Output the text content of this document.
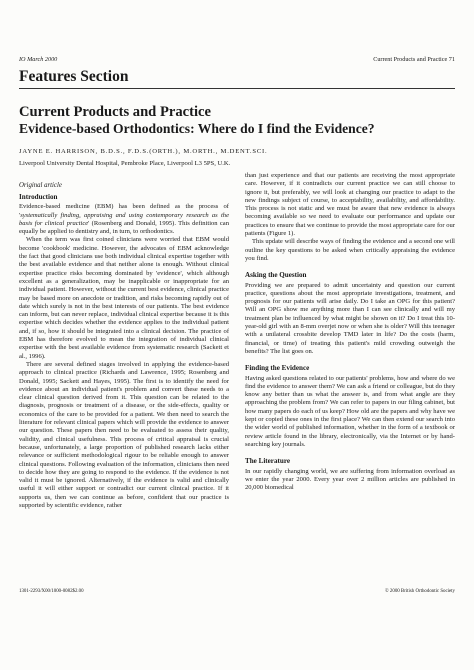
IO March 2000	Current Products and Practice 71
Features Section
Current Products and Practice
Evidence-based Orthodontics: Where do I find the Evidence?
JAYNE E. HARRISON, B.D.S., F.D.S.(ORTH.), M.ORTH., M.DENT.SCI.
Liverpool University Dental Hospital, Pembroke Place, Liverpool L3 5PS, U.K.
Original article
Introduction

Evidence-based medicine (EBM) has been defined as the process of 'systematically finding, appraising and using contemporary research as the basis for clinical practice' (Rosenberg and Donald, 1995). This definition can equally be applied to dentistry and, in turn, to orthodontics.

When the term was first coined clinicians were worried that EBM would become 'cookbook' medicine. However, the advocates of EBM acknowledge the fact that good clinicians use both individual clinical expertise together with the best available evidence and that neither alone is enough. Without clinical expertise practice risks becoming dominated by 'evidence', which although excellent as a generalization, may be inapplicable or inappropriate for an individual patient. However, without the current best evidence, clinical practice may be based more on anecdote or tradition, and risks becoming rapidly out of date which surely is not in the best interests of our patients. The best evidence can inform, but can never replace, individual clinical expertise because it is this expertise which decides whether the evidence applies to the individual patient and, if so, how it should be integrated into a clinical decision. The practice of EBM has therefore evolved to mean the integration of individual clinical expertise with the best available evidence from systematic research (Sackett et al., 1996).

There are several defined stages involved in applying the evidence-based approach to clinical practice (Richards and Lawrence, 1995; Rosenberg and Donald, 1995; Sackett and Hayes, 1995). The first is to identify the need for evidence about an individual patient's problem and convert these needs to a clear clinical question derived from it. This question can be related to the diagnosis, prognosis or treatment of a disease, or the side-effects, quality or economics of the care to be provided for a patient. We then need to search the literature for relevant clinical papers which will provide the evidence to answer our question. These papers then need to be evaluated to assess their quality, validity, and clinical usefulness. This process of critical appraisal is crucial because, unfortunately, a large proportion of published research lacks either relevance or sufficient methodological rigour to be reliable enough to answer clinical questions. Following evaluation of the information, clinicians then need to decide how they are going to respond to the evidence. If the evidence is not valid it must be ignored. Alternatively, if the evidence is valid and clinically useful it will either support or contradict our current clinical practice. If it supports us, then we can continue as before, confident that our practice is supported by scientific evidence, rather

than just experience and that our patients are receiving the most appropriate care. However, if it contradicts our current practice we can still choose to ignore it, but preferably, we will look at changing our practice to adapt to the new findings subject of course, to acceptability, availability, and affordability. This process is not static and we must be aware that new evidence is always becoming available so we need to evaluate our performance and update our practices to ensure that we continue to provide the most appropriate care for our patients (Figure 1).

This update will describe ways of finding the evidence and a second one will outline the key questions to be asked when critically appraising the evidence you find.

Asking the Question

Providing we are prepared to admit uncertainty and question our current practice, questions about the most appropriate investigations, treatment, and prognosis for our patients will arise daily. Do I take an OPG for this patient? Will an OPG show me anything more than I can see clinically and will my treatment plan be influenced by what might be shown on it? Do I treat this 10-year-old girl with an 8-mm overjet now or when she is older? Will this teenager with a unilateral crossbite develop TMD later in life? Do the costs (harm, financial, or time) of treating this patient's mild crowding outweigh the benefits? The list goes on.

Finding the Evidence

Having asked questions related to our patients' problems, how and where do we find the evidence to answer them? We can ask a friend or colleague, but do they know any better than us what the answer is, and from what angle are they approaching the problem from? We can refer to papers in our filing cabinet, but how many papers do each of us keep? How old are the papers and why have we kept or copied these ones in the first place? We can then extend our search into the wider world of published information, whether in the form of a textbook or review article found in the library, electronically, via the Internet or by hand-searching key journals.

The Literature

In our rapidly changing world, we are suffering from information overload as we enter the year 2000. Every year over 2 million articles are published in 20,000 biomedical

1301-2293/X00/1000-0082$2.00	© 2000 British Orthodontic Society
